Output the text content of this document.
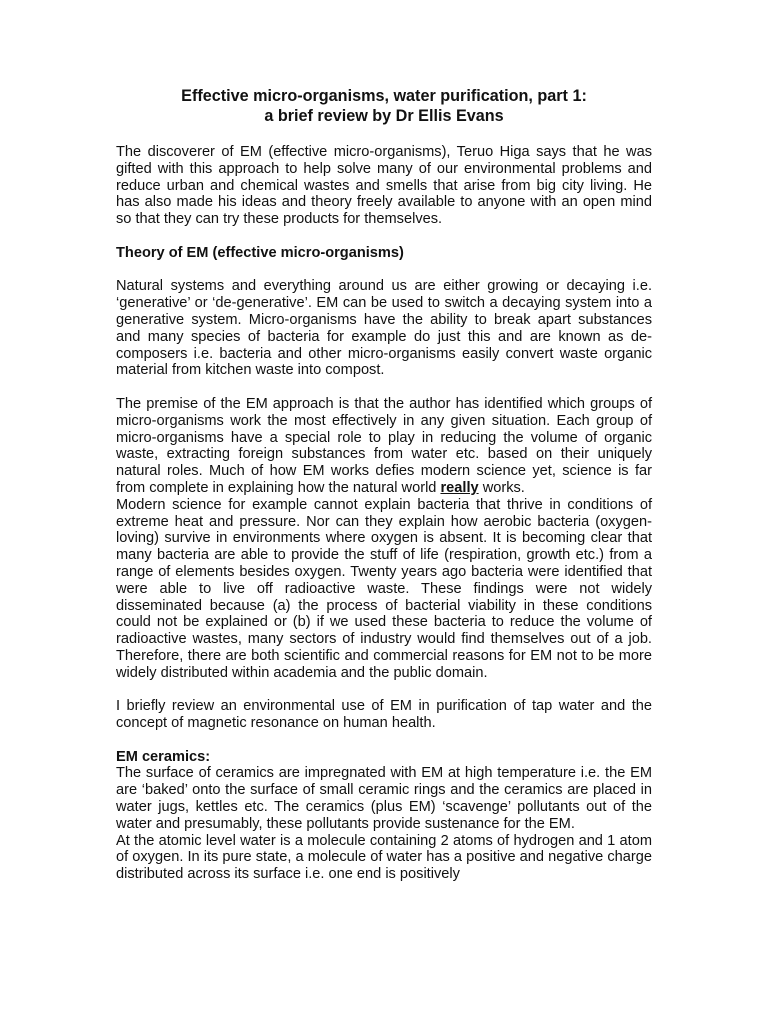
Effective micro-organisms, water purification, part 1:
a brief review by Dr Ellis Evans

The discoverer of EM (effective micro-organisms), Teruo Higa says that he was gifted with this approach to help solve many of our environmental problems and reduce urban and chemical wastes and smells that arise from big city living. He has also made his ideas and theory freely available to anyone with an open mind so that they can try these products for themselves.

Theory of EM (effective micro-organisms)

Natural systems and everything around us are either growing or decaying i.e. ‘generative’ or ‘de-generative’. EM can be used to switch a decaying system into a generative system. Micro-organisms have the ability to break apart substances and many species of bacteria for example do just this and are known as de-composers i.e. bacteria and other micro-organisms easily convert waste organic material from kitchen waste into compost.

The premise of the EM approach is that the author has identified which groups of micro-organisms work the most effectively in any given situation. Each group of micro-organisms have a special role to play in reducing the volume of organic waste, extracting foreign substances from water etc. based on their uniquely natural roles. Much of how EM works defies modern science yet, science is far from complete in explaining how the natural world really works.

Modern science for example cannot explain bacteria that thrive in conditions of extreme heat and pressure. Nor can they explain how aerobic bacteria (oxygen-loving) survive in environments where oxygen is absent. It is becoming clear that many bacteria are able to provide the stuff of life (respiration, growth etc.) from a range of elements besides oxygen. Twenty years ago bacteria were identified that were able to live off radioactive waste. These findings were not widely disseminated because (a) the process of bacterial viability in these conditions could not be explained or (b) if we used these bacteria to reduce the volume of radioactive wastes, many sectors of industry would find themselves out of a job. Therefore, there are both scientific and commercial reasons for EM not to be more widely distributed within academia and the public domain.

I briefly review an environmental use of EM in purification of tap water and the concept of magnetic resonance on human health.

EM ceramics:

The surface of ceramics are impregnated with EM at high temperature i.e. the EM are ‘baked’ onto the surface of small ceramic rings and the ceramics are placed in water jugs, kettles etc. The ceramics (plus EM) ‘scavenge’ pollutants out of the water and presumably, these pollutants provide sustenance for the EM.

At the atomic level water is a molecule containing 2 atoms of hydrogen and 1 atom of oxygen. In its pure state, a molecule of water has a positive and negative charge distributed across its surface i.e. one end is positively
